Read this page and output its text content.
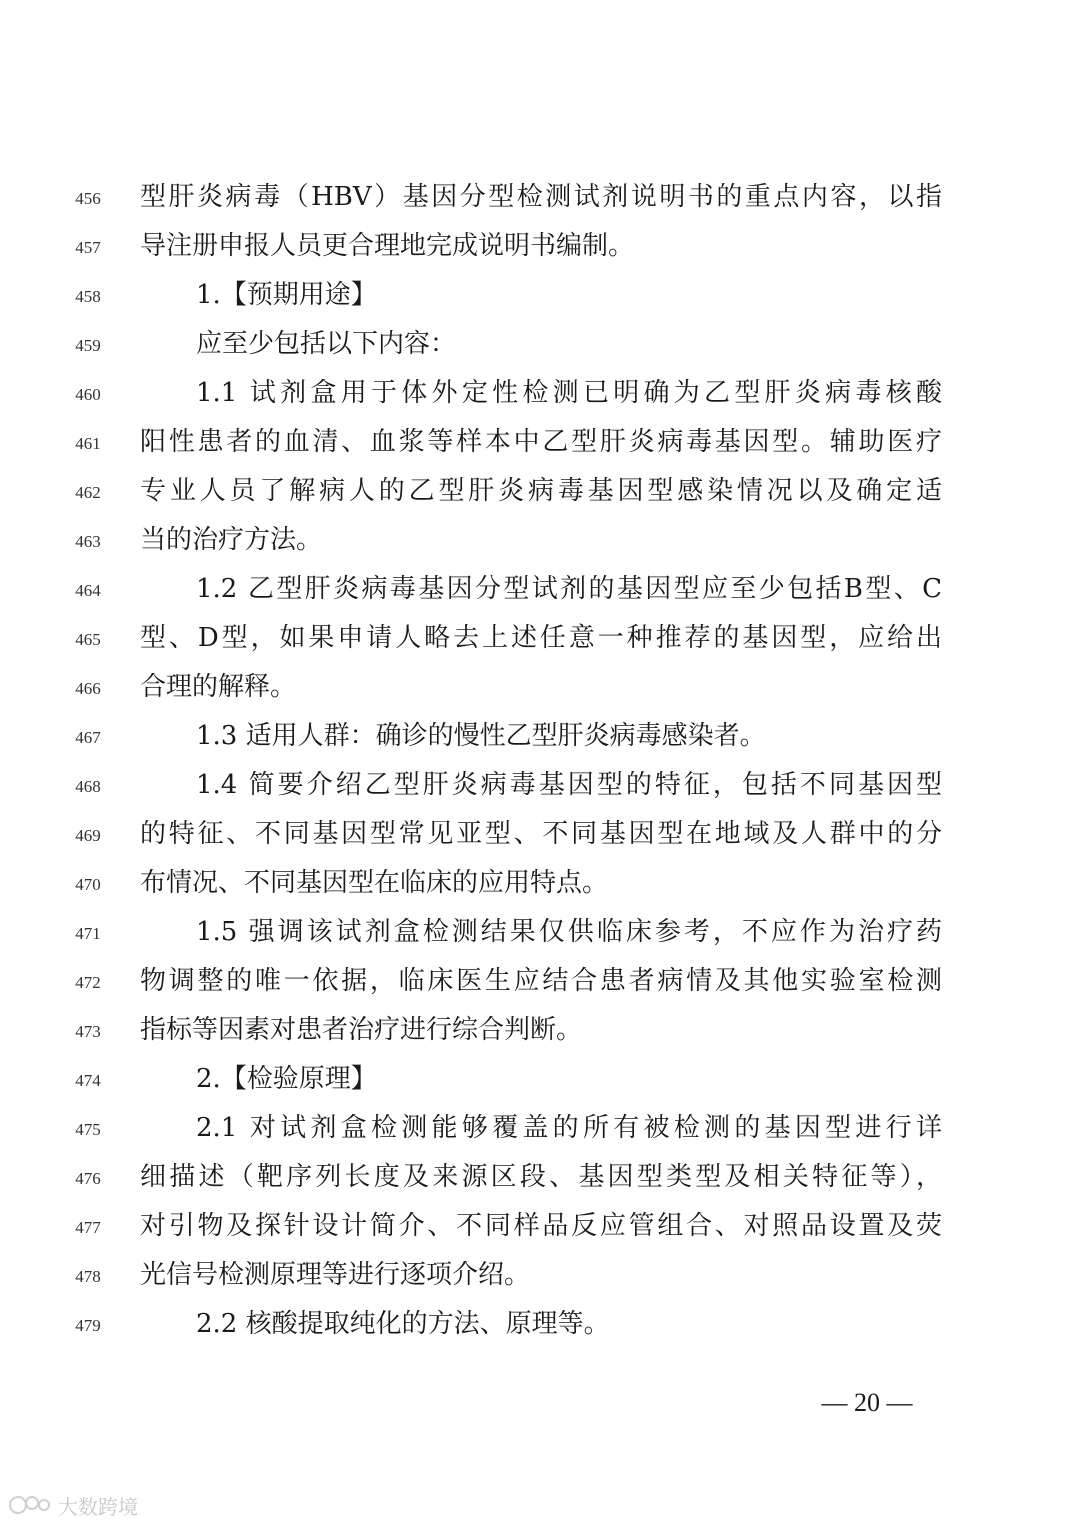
456	型肝炎病毒（HBV）基因分型检测试剂说明书的重点内容，以指
457	导注册申报人员更合理地完成说明书编制。
458	1.【预期用途】
459	应至少包括以下内容：
460	1.1 试剂盒用于体外定性检测已明确为乙型肝炎病毒核酸
461	阳性患者的血清、血浆等样本中乙型肝炎病毒基因型。辅助医疗
462	专业人员了解病人的乙型肝炎病毒基因型感染情况以及确定适
463	当的治疗方法。
464	1.2 乙型肝炎病毒基因分型试剂的基因型应至少包括B型、C
465	型、D型，如果申请人略去上述任意一种推荐的基因型，应给出
466	合理的解释。
467	1.3 适用人群：确诊的慢性乙型肝炎病毒感染者。
468	1.4 简要介绍乙型肝炎病毒基因型的特征，包括不同基因型
469	的特征、不同基因型常见亚型、不同基因型在地域及人群中的分
470	布情况、不同基因型在临床的应用特点。
471	1.5 强调该试剂盒检测结果仅供临床参考，不应作为治疗药
472	物调整的唯一依据，临床医生应结合患者病情及其他实验室检测
473	指标等因素对患者治疗进行综合判断。
474	2.【检验原理】
475	2.1 对试剂盒检测能够覆盖的所有被检测的基因型进行详
476	细描述（靶序列长度及来源区段、基因型类型及相关特征等），
477	对引物及探针设计简介、不同样品反应管组合、对照品设置及荧
478	光信号检测原理等进行逐项介绍。
479	2.2 核酸提取纯化的方法、原理等。
— 20 —
大数跨境
